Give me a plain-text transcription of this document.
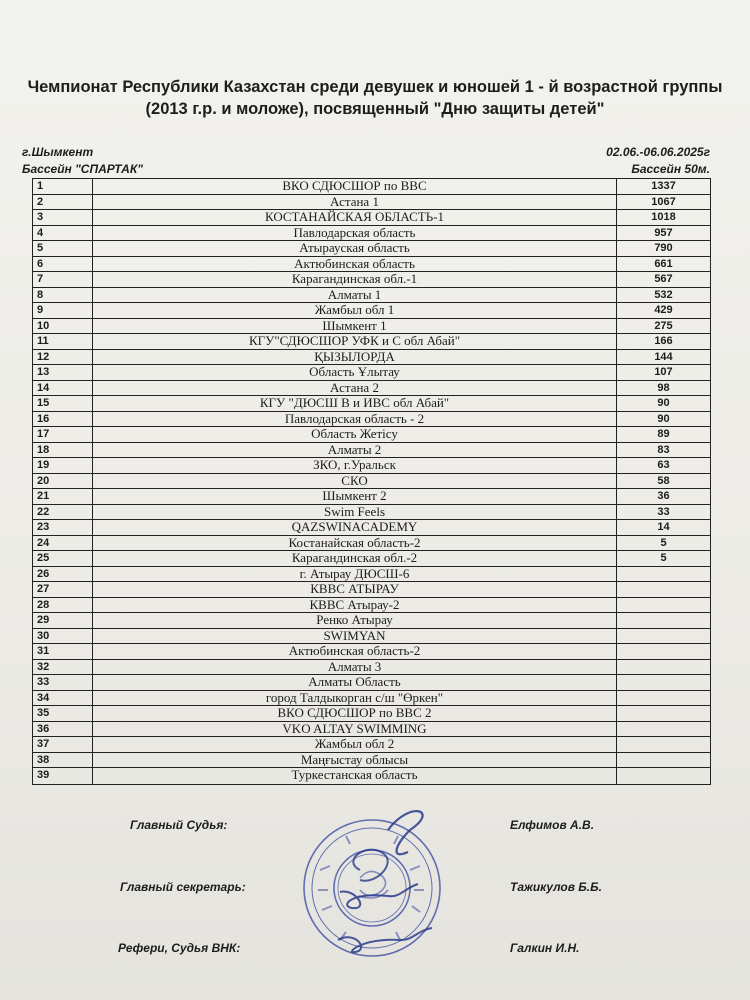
Чемпионат Республики Казахстан среди девушек и юношей 1 - й возрастной группы
(2013 г.р. и моложе), посвященный "Дню защиты детей"
г.Шымкент	02.06.-06.06.2025г
Бассейн "СПАРТАК"	Бассейн 50м.
1	ВКО СДЮСШОР по ВВС	1337
2	Астана 1	1067
3	КОСТАНАЙСКАЯ ОБЛАСТЬ-1	1018
4	Павлодарская область	957
5	Атырауская область	790
6	Актюбинская область	661
7	Карагандинская обл.-1	567
8	Алматы 1	532
9	Жамбыл обл 1	429
10	Шымкент 1	275
11	КГУ"СДЮСШОР УФК и С обл Абай"	166
12	ҚЫЗЫЛОРДА	144
13	Область Ұлытау	107
14	Астана 2	98
15	КГУ "ДЮСШ В и ИВС обл Абай"	90
16	Павлодарская область - 2	90
17	Область Жетісу	89
18	Алматы 2	83
19	ЗКО, г.Уральск	63
20	СКО	58
21	Шымкент 2	36
22	Swim Feels	33
23	QAZSWINACADEMY	14
24	Костанайская область-2	5
25	Карагандинская обл.-2	5
26	г. Атырау ДЮСШ-6
27	КВВС АТЫРАУ
28	КВВС Атырау-2
29	Ренко Атырау
30	SWIMYAN
31	Актюбинская область-2
32	Алматы 3
33	Алматы Область
34	город Талдыкорган с/ш "Өркен"
35	ВКО СДЮСШОР по ВВС 2
36	VKO ALTAY SWIMMING
37	Жамбыл обл 2
38	Маңғыстау облысы
39	Туркестанская область
Главный Судья:	Елфимов А.В.
Главный секретарь:	Тажикулов Б.Б.
Рефери, Судья ВНК:	Галкин И.Н.
